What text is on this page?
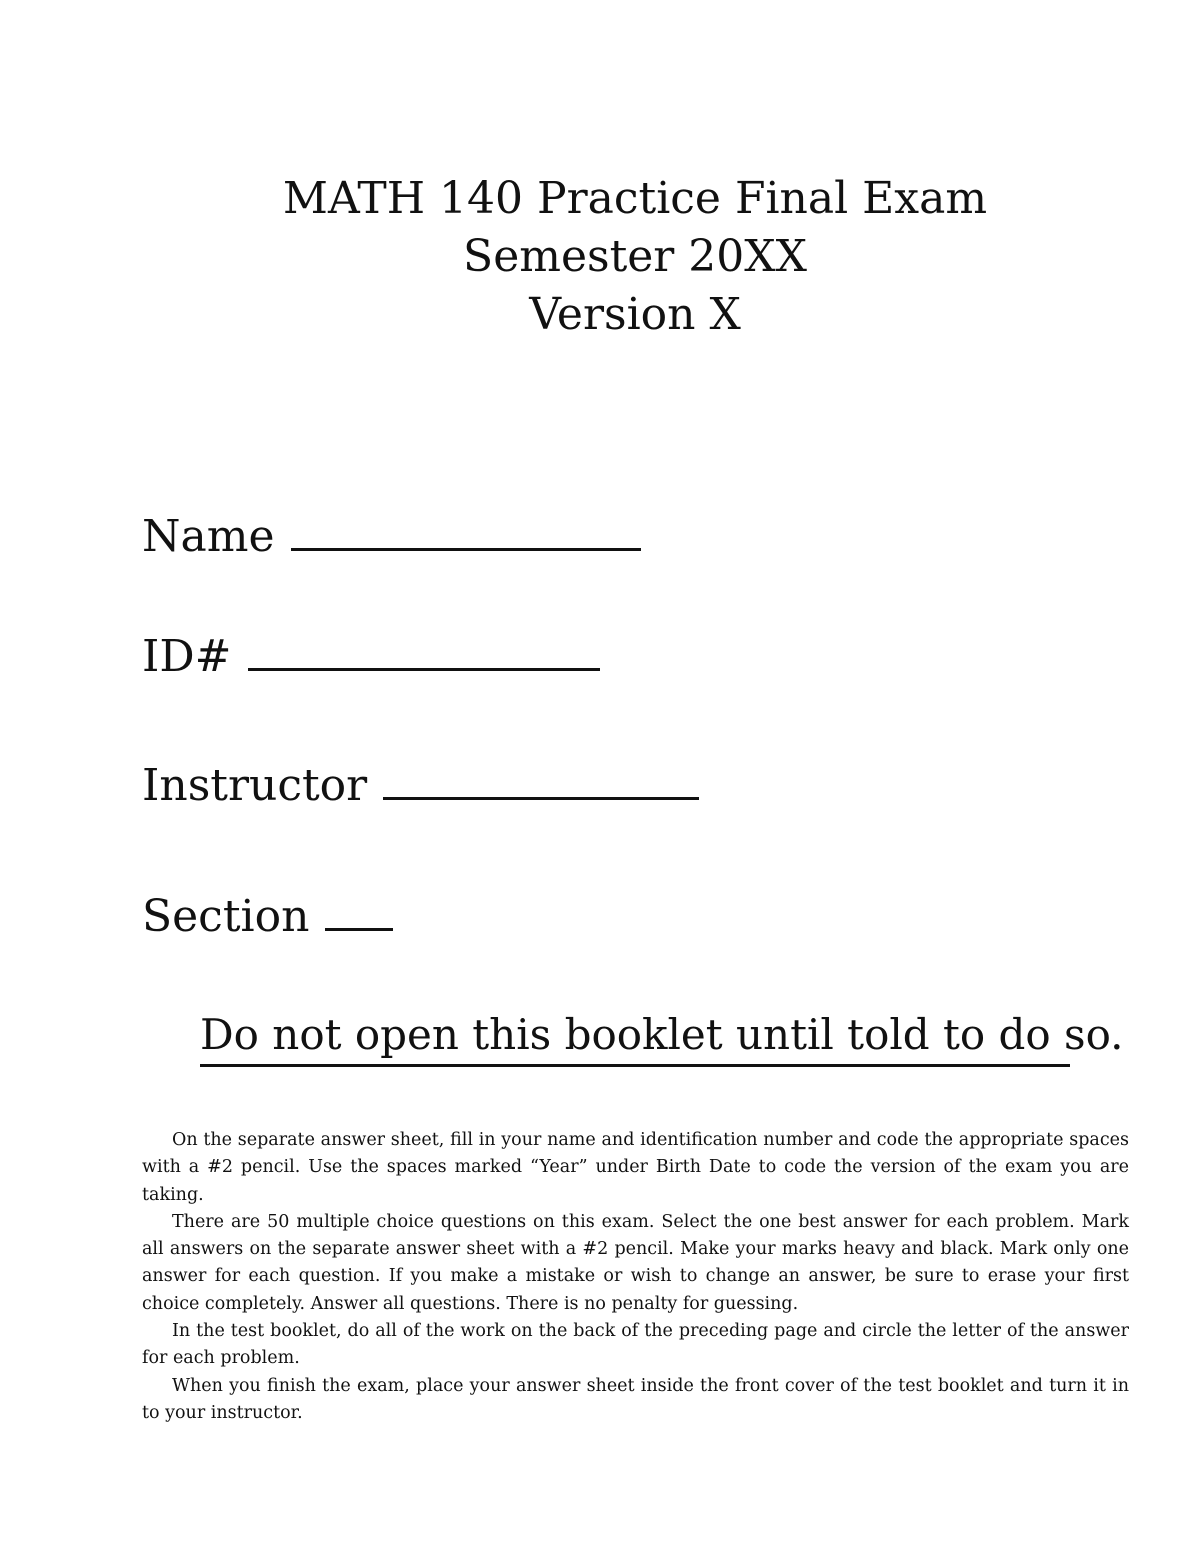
MATH 140 Practice Final Exam
Semester 20XX
Version X
Name
ID#
Instructor
Section
Do not open this booklet until told to do so.

On the separate answer sheet, fill in your name and identification number and code the appropriate spaces with a #2 pencil. Use the spaces marked “Year” under Birth Date to code the version of the exam you are taking.

There are 50 multiple choice questions on this exam. Select the one best answer for each problem. Mark all answers on the separate answer sheet with a #2 pencil. Make your marks heavy and black. Mark only one answer for each question. If you make a mistake or wish to change an answer, be sure to erase your first choice completely. Answer all questions. There is no penalty for guessing.

In the test booklet, do all of the work on the back of the preceding page and circle the letter of the answer for each problem.

When you finish the exam, place your answer sheet inside the front cover of the test booklet and turn it in to your instructor.
